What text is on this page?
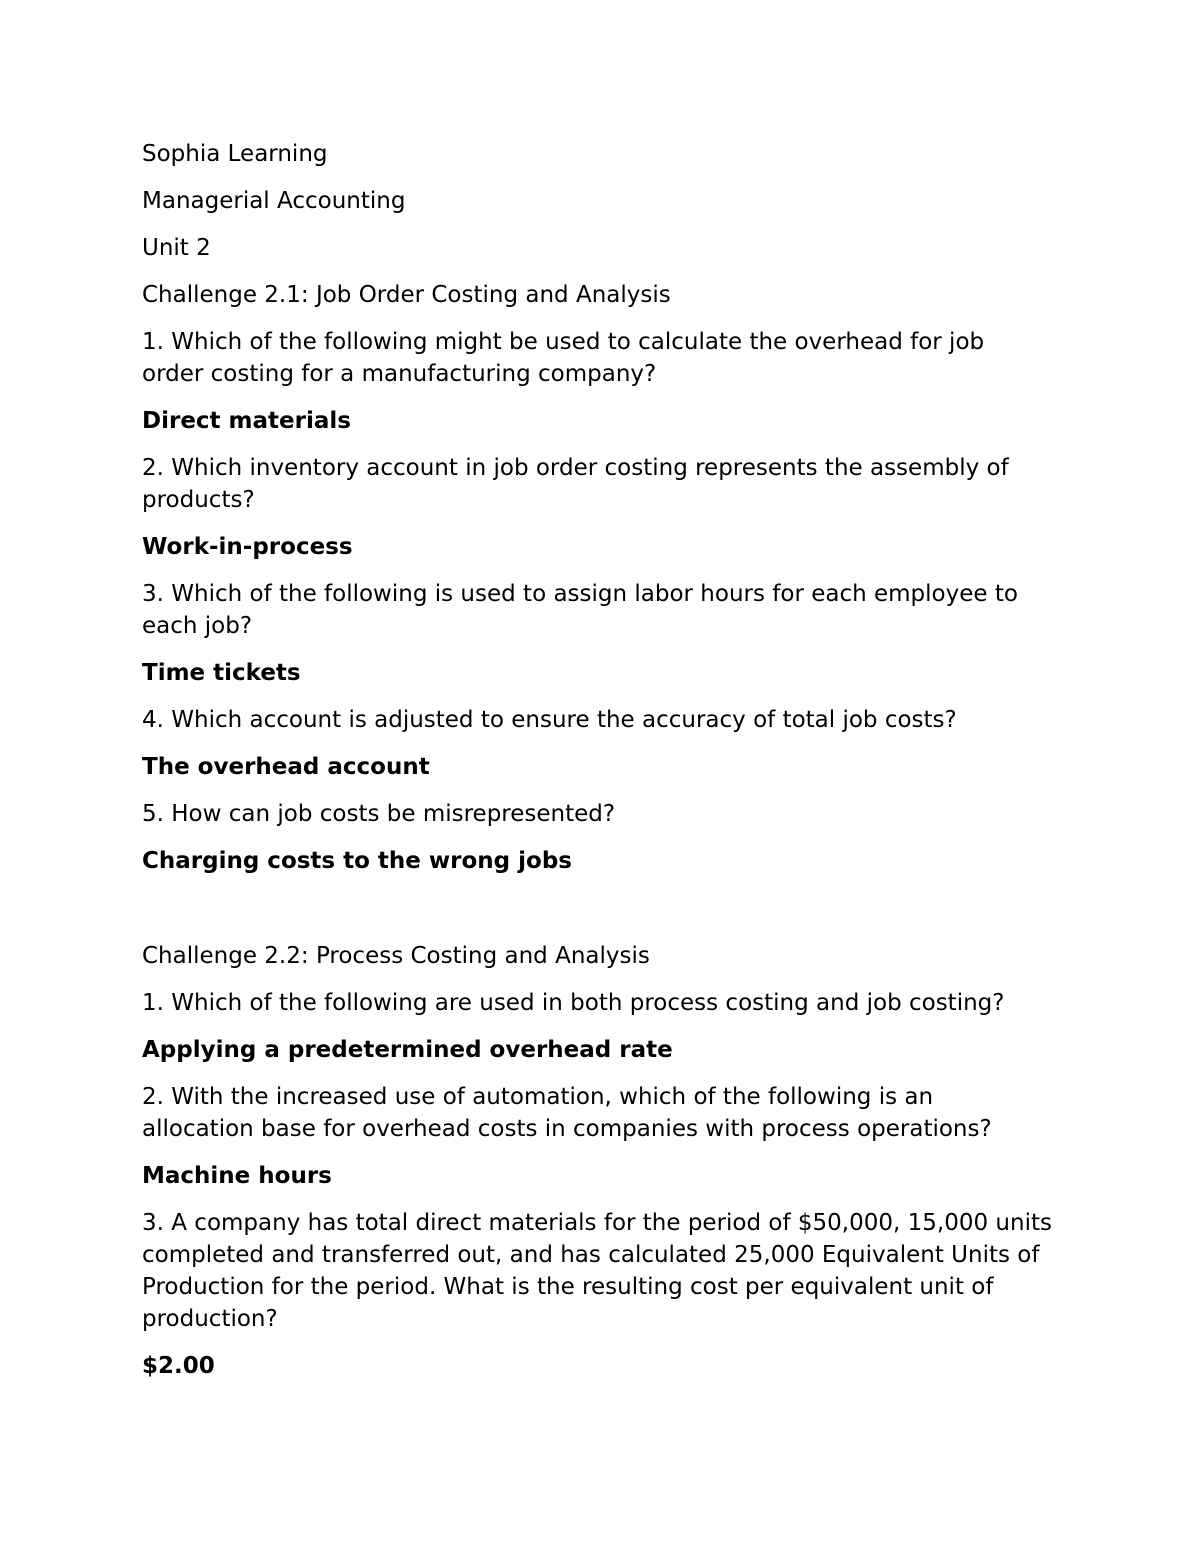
Sophia Learning

Managerial Accounting

Unit 2

Challenge 2.1: Job Order Costing and Analysis

1. Which of the following might be used to calculate the overhead for job order costing for a manufacturing company?

Direct materials

2. Which inventory account in job order costing represents the assembly of products?

Work-in-process

3. Which of the following is used to assign labor hours for each employee to each job?

Time tickets

4. Which account is adjusted to ensure the accuracy of total job costs?

The overhead account

5. How can job costs be misrepresented?

Charging costs to the wrong jobs

Challenge 2.2: Process Costing and Analysis

1. Which of the following are used in both process costing and job costing?

Applying a predetermined overhead rate

2. With the increased use of automation, which of the following is an allocation base for overhead costs in companies with process operations?

Machine hours

3. A company has total direct materials for the period of $50,000, 15,000 units completed and transferred out, and has calculated 25,000 Equivalent Units of Production for the period. What is the resulting cost per equivalent unit of production?

$2.00
